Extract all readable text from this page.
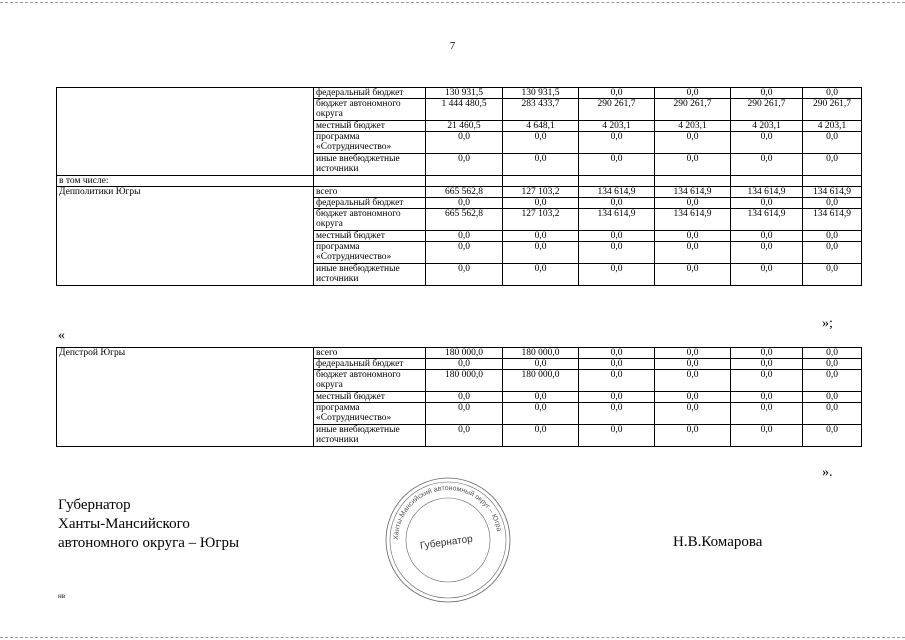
7
	федеральный бюджет	130 931,5	130 931,5	0,0	0,0	0,0	0,0
	бюджет автономного округа	1 444 480,5	283 433,7	290 261,7	290 261,7	290 261,7	290 261,7
	местный бюджет	21 460,5	4 648,1	4 203,1	4 203,1	4 203,1	4 203,1
	программа «Сотрудничество»	0,0	0,0	0,0	0,0	0,0	0,0
	иные внебюджетные источники	0,0	0,0	0,0	0,0	0,0	0,0
в том числе:							
Депполитики Югры	всего	665 562,8	127 103,2	134 614,9	134 614,9	134 614,9	134 614,9
	федеральный бюджет	0,0	0,0	0,0	0,0	0,0	0,0
	бюджет автономного округа	665 562,8	127 103,2	134 614,9	134 614,9	134 614,9	134 614,9
	местный бюджет	0,0	0,0	0,0	0,0	0,0	0,0
	программа «Сотрудничество»	0,0	0,0	0,0	0,0	0,0	0,0
	иные внебюджетные источники	0,0	0,0	0,0	0,0	0,0	0,0
»;
«
Депстрой Югры	всего	180 000,0	180 000,0	0,0	0,0	0,0	0,0
	федеральный бюджет	0,0	0,0	0,0	0,0	0,0	0,0
	бюджет автономного округа	180 000,0	180 000,0	0,0	0,0	0,0	0,0
	местный бюджет	0,0	0,0	0,0	0,0	0,0	0,0
	программа «Сотрудничество»	0,0	0,0	0,0	0,0	0,0	0,0
	иные внебюджетные источники	0,0	0,0	0,0	0,0	0,0	0,0
».
Губернатор
Ханты-Мансийского
автономного округа – Югры	Ханты-Мансийский автономный округ – Югра
Губернатор	Н.В.Комарова
нв
